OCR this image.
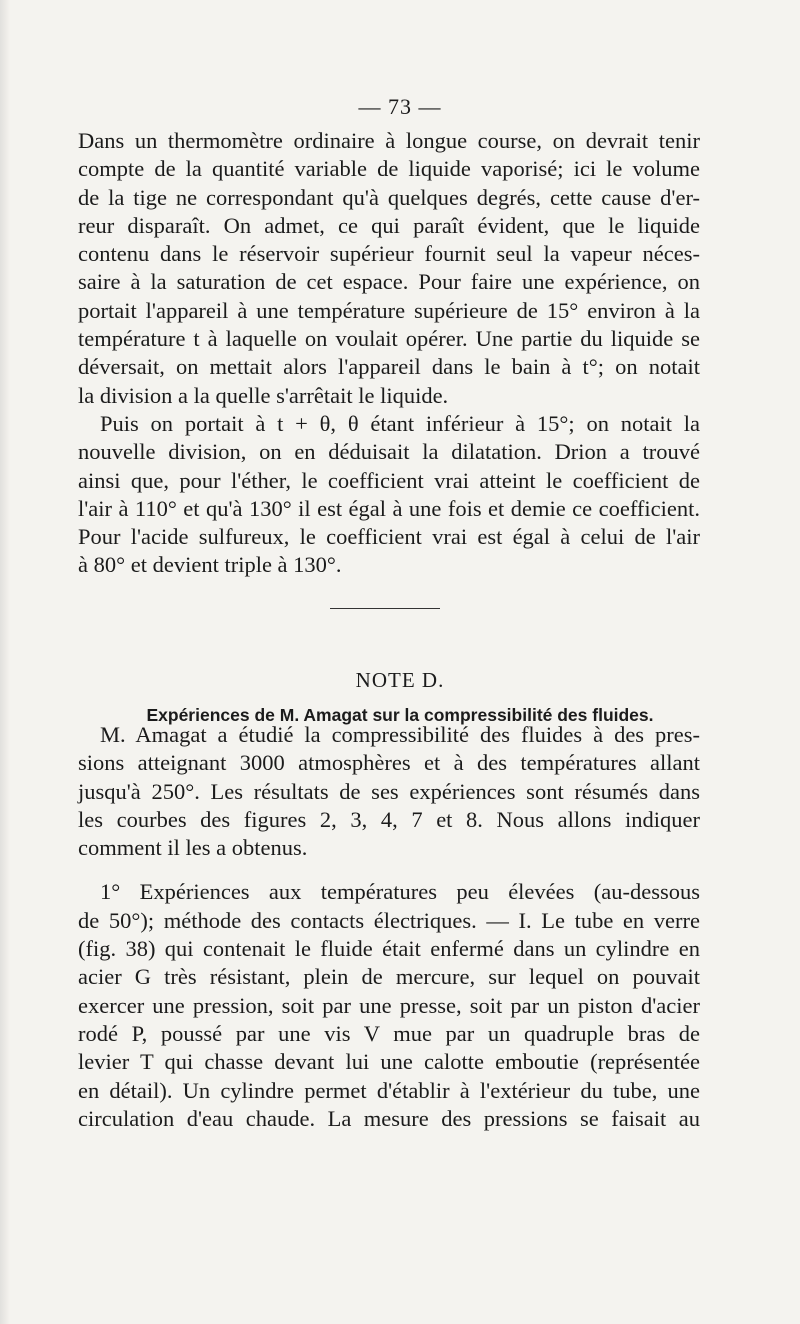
— 73 —
Dans un thermomètre ordinaire à longue course, on devrait tenir
compte de la quantité variable de liquide vaporisé; ici le volume
de la tige ne correspondant qu'à quelques degrés, cette cause d'er-
reur disparaît. On admet, ce qui paraît évident, que le liquide
contenu dans le réservoir supérieur fournit seul la vapeur néces-
saire à la saturation de cet espace. Pour faire une expérience, on
portait l'appareil à une température supérieure de 15° environ à la
température t à laquelle on voulait opérer. Une partie du liquide se
déversait, on mettait alors l'appareil dans le bain à t°; on notait
la division a la quelle s'arrêtait le liquide.
Puis on portait à t + θ, θ étant inférieur à 15°; on notait la
nouvelle division, on en déduisait la dilatation. Drion a trouvé
ainsi que, pour l'éther, le coefficient vrai atteint le coefficient de
l'air à 110° et qu'à 130° il est égal à une fois et demie ce coefficient.
Pour l'acide sulfureux, le coefficient vrai est égal à celui de l'air
à 80° et devient triple à 130°.
NOTE D.
Expériences de M. Amagat sur la compressibilité des fluides.
M. Amagat a étudié la compressibilité des fluides à des pres-
sions atteignant 3000 atmosphères et à des températures allant
jusqu'à 250°. Les résultats de ses expériences sont résumés dans
les courbes des figures 2, 3, 4, 7 et 8. Nous allons indiquer
comment il les a obtenus.
1° Expériences aux températures peu élevées (au-dessous
de 50°); méthode des contacts électriques. — I. Le tube en verre
(fig. 38) qui contenait le fluide était enfermé dans un cylindre en
acier G très résistant, plein de mercure, sur lequel on pouvait
exercer une pression, soit par une presse, soit par un piston d'acier
rodé P, poussé par une vis V mue par un quadruple bras de
levier T qui chasse devant lui une calotte emboutie (représentée
en détail). Un cylindre permet d'établir à l'extérieur du tube, une
circulation d'eau chaude. La mesure des pressions se faisait au
